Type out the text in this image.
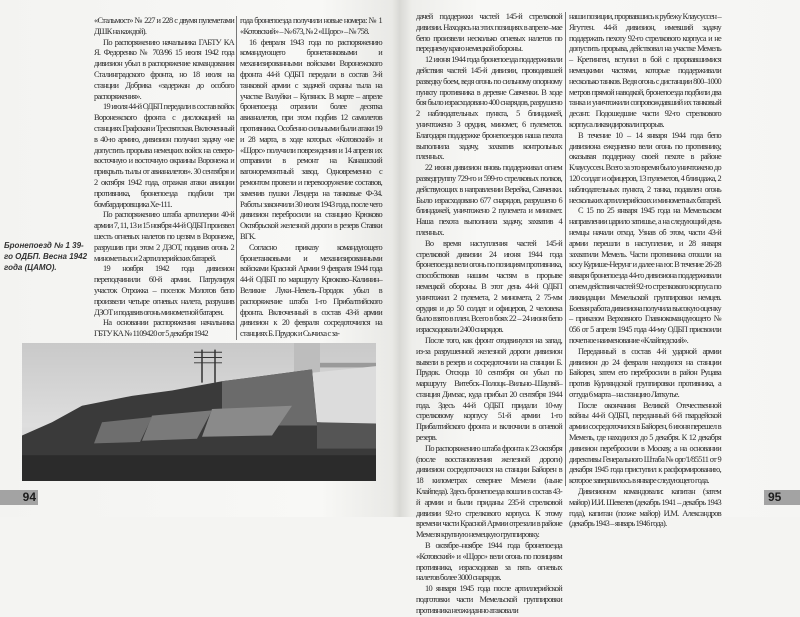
«Стальмост» № 227 и 228 с двумя пулеметами ДШК на каждой).

По распоряжению начальника ГАБТУ КА Я. Федоренко № 703/96 15 июля 1942 года дивизион убыл в распоряжение командования Сталинградского фронта, но 18 июля на станции Добрика «задержан до особого распоряжения».

19 июля 44-й ОДБП передали в состав войск Воронежского фронта с дислокацией на станциях Графская и Тресвятская. Включенный в 40-ю армию, дивизион получил задачу «не допустить прорыва немецких войск на северо-восточную и восточную окраины Воронежа и прикрыть тылы от авианалетов». 30 сентября и 2 октября 1942 года, отражая атаки авиации противника, бронепоезда подбили три бомбардировщика Хе-111.

По распоряжению штаба артиллерии 40-й армии 7, 11, 13 и 15 ноября 44-й ОДБП произвел шесть огневых налетов по целям в Воронеже, разрушив при этом 2 ДЗОТ, подавив огонь 2 минометных и 2 артиллерийских батарей.

19 ноября 1942 года дивизион переподчинили 60-й армии. Патрулируя участок Отрожка – поселок Молотов бепо произвели четыре огневых налета, разрушив ДЗОТ и подавив огонь минометной батареи.

На основании распоряжения начальника ГБТУ КА № 1109420 от 5 декабря 1942

года бронепоезда получили новые номера: № 1 «Котовский» – № 673, № 2 «Щорс» – № 758.

16 февраля 1943 года по распоряжению командующего бронетанковыми и механизированными войсками Воронежского фронта 44-й ОДБП передали в состав 3-й танковой армии с задачей охраны тыла на участке Валуйки – Купянск. В марте – апреле бронепоезда отразили более десятка авианалетов, при этом подбив 12 самолетов противника. Особенно сильными были атаки 19 и 28 марта, в ходе которых «Котовский» и «Щорс» получили повреждения и 14 апреля их отправили в ремонт на Канашский вагоноремонтный завод. Одновременно с ремонтом провели и перевооружение составов, заменив пушки Лендера на танковые Ф-34. Работы закончили 30 июля 1943 года, после чего дивизион перебросили на станцию Крюково Октябрьской железной дороги в резерв Ставки ВГК.

Согласно приказу командующего бронетанковыми и механизированными войсками Красной Армии 9 февраля 1944 года 44-й ОДБП по маршруту Крюково–Калинин–Великие Луки–Невель–Городок убыл в распоряжение штаба 1-го Прибалтийского фронта. Включенный в состав 43-й армии дивизион к 20 февраля сосредоточился на станциях Б. Прудок и Сычиха с за-

Бронепоезд № 1 39-го ОДБП. Весна 1942 года (ЦАМО).
94

дачей поддержки частей 145-й стрелковой дивизии. Находясь на этих позициях в апреле–мае бепо произвели несколько огневых налетов по переднему краю немецкой обороны.

12 июня 1944 года бронепоезда поддерживали действия частей 145-й дивизии, проводившей разведку боем, ведя огонь по сильному опорному пункту противника в деревне Савченки. В ходе боя было израсходовано 400 снарядов, разрушено 2 наблюдательных пункта, 5 блиндажей, уничтожено 3 орудия, миномет, 6 пулеметов. Благодаря поддержке бронепоездов наша пехота выполнила задачу, захватив контрольных пленных.

22 июня дивизион вновь поддерживал огнем разведгруппу 729-го и 599-го стрелковых полков, действующих в направлении Верейка, Савченки. Было израсходовано 677 снарядов, разрушено 6 блиндажей, уничтожено 2 пулемета и миномет. Наша пехота выполнила задачу, захватив 4 пленных.

Во время наступления частей 145-й стрелковой дивизии 24 июня 1944 года бронепоезда вели огонь по позициям противника, способствовав нашим частям в прорыве немецкой обороны. В этот день 44-й ОДБП уничтожил 2 пулемета, 2 миномета, 2 75-мм орудия и до 50 солдат и офицеров, 2 человека было взято в плен. Всего в боях 22 – 24 июня бепо израсходовали 2400 снарядов.

После того, как фронт отодвинулся на запад, из-за разрушенной железной дороги дивизион вывели в резерв и сосредоточили на станции Б. Прудок. Отсюда 10 сентября он убыл по маршруту Витебск–Полоцк–Вильно–Шауляй–станция Димзас, куда прибыл 20 сентября 1944 года. Здесь 44-й ОДБП придали 10-му стрелковому корпусу 51-й армии 1-го Прибалтийского фронта и включили в огневой резерв.

По распоряжению штаба фронта к 23 октября (после восстановления железной дороги) дивизион сосредоточился на станции Байорен в 18 километрах севернее Мемели (ныне Клайпеда). Здесь бронепоезда вошли в состав 43-й армии и были приданы 235-й стрелковой дивизии 92-го стрелкового корпуса. К этому времени части Красной Армии отрезали в районе Мемеля крупную немецкую группировку.

В октябре–ноябре 1944 года бронепоезда «Котовский» и «Щорс» вели огонь по позициям противника, израсходовав за пять огневых налетов более 3000 снарядов.

10 января 1945 года после артиллерийской подготовки части Мемельской группировки противника неожиданно атаковали

наши позиции, прорвавшись к рубежу Клаусуссен – Ягуттен. 44-й дивизион, имевший задачу поддержать пехоту 92-го стрелкового корпуса и не допустить прорыва, действовал на участке Мемель – Кретинген, вступил в бой с прорвавшимися немецкими частями, которые поддерживали несколько танков. Ведя огонь с дистанции 800–1000 метров прямой наводкой, бронепоезда подбили два танка и уничтожили сопровождавший их танковый десант. Подошедшие части 92-го стрелкового корпуса ликвидировали прорыв.

В течение 10 – 14 января 1944 года бепо дивизиона ежедневно вели огонь по противнику, оказывая поддержку своей пехоте в районе Клаусуссен. Всего за это время было уничтожено до 120 солдат и офицеров, 13 пулеметов, 4 блиндажа, 2 наблюдательных пункта, 2 танка, подавлен огонь нескольких артиллерийских и минометных батарей.

С 15 по 25 января 1945 года на Мемельском направлении царило затишье, а на следующий день немцы начали отход. Узнав об этом, части 43-й армии перешли в наступление, и 28 января захватили Мемель. Части противника отошли на косу Курише-Нерунг и далее на юг. В течение 26-28 января бронепоезда 44-го дивизиона поддерживали огнем действия частей 92-го стрелкового корпуса по ликвидации Мемельской группировки немцев. Боевая работа дивизиона получила высокую оценку – приказом Верховного Главнокомандующего № 056 от 5 апреля 1945 года 44-му ОДБП присвоили почетное наименование «Клайпедский».

Переданный в состав 4-й ударной армии дивизион до 24 февраля находился на станции Байорен, затем его перебросили в район Руцава против Курляндской группировки противника, а оттуда 6 марта – на станцию Латкутье.

После окончания Великой Отечественной войны 44-й ОДБП, переданный 6-й гвардейской армии сосредоточился в Байорен, 6 июня перешел в Мемель, где находился до 5 декабря. К 12 декабря дивизион перебросили в Москву, а на основании директивы Генерального Штаба № орг/1/85511 от 9 декабря 1945 года приступил к расформированию, которое завершилось в январе следующего года.

Дивизионом командовали: капитан (затем майор) И.И. Шевелев (декабрь 1941 – декабрь 1943 года), капитан (позже майор) И.М. Александров (декабрь 1943 – январь 1946 года).

95
